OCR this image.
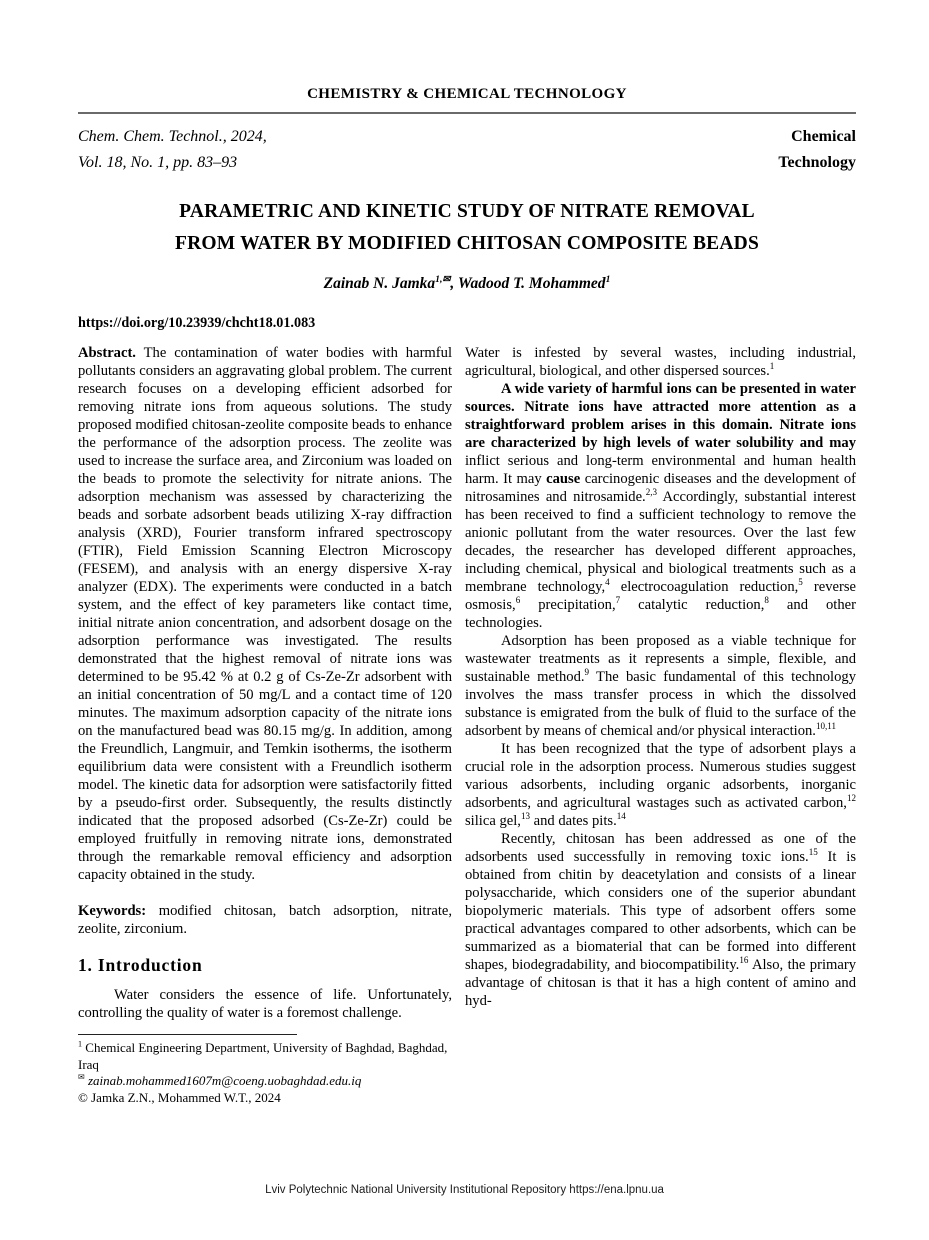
CHEMISTRY & CHEMICAL TECHNOLOGY
Chem. Chem. Technol., 2024,
Vol. 18, No. 1, pp. 83–93
Chemical
Technology
PARAMETRIC AND KINETIC STUDY OF NITRATE REMOVAL
FROM WATER BY MODIFIED CHITOSAN COMPOSITE BEADS
Zainab N. Jamka$^{1,✉}$, Wadood T. Mohammed$^1$
https://doi.org/10.23939/chcht18.01.083

Abstract. The contamination of water bodies with harmful pollutants considers an aggravating global problem. The current research focuses on a developing efficient adsorbed for removing nitrate ions from aqueous solutions. The study proposed modified chitosan-zeolite composite beads to enhance the performance of the adsorption process. The zeolite was used to increase the surface area, and Zirconium was loaded on the beads to promote the selectivity for nitrate anions. The adsorption mechanism was assessed by characterizing the beads and sorbate adsorbent beads utilizing X-ray diffraction analysis (XRD), Fourier transform infrared spectroscopy (FTIR), Field Emission Scanning Electron Microscopy (FESEM), and analysis with an energy dispersive X-ray analyzer (EDX). The experiments were conducted in a batch system, and the effect of key parameters like contact time, initial nitrate anion concentration, and adsorbent dosage on the adsorption performance was investigated. The results demonstrated that the highest removal of nitrate ions was determined to be 95.42 % at 0.2 g of Cs-Ze-Zr adsorbent with an initial concentration of 50 mg/L and a contact time of 120 minutes. The maximum adsorption capacity of the nitrate ions on the manufactured bead was 80.15 mg/g. In addition, among the Freundlich, Langmuir, and Temkin isotherms, the isotherm equilibrium data were consistent with a Freundlich isotherm model. The kinetic data for adsorption were satisfactorily fitted by a pseudo-first order. Subsequently, the results distinctly indicated that the proposed adsorbed (Cs-Ze-Zr) could be employed fruitfully in removing nitrate ions, demonstrated through the remarkable removal efficiency and adsorption capacity obtained in the study.

Keywords: modified chitosan, batch adsorption, nitrate, zeolite, zirconium.

1. Introduction

Water considers the essence of life. Unfortunately, controlling the quality of water is a foremost challenge.

$^1$ Chemical Engineering Department, University of Baghdad, Baghdad, Iraq
✉ zainab.mohammed1607m@coeng.uobaghdad.edu.iq
© Jamka Z.N., Mohammed W.T., 2024

Water is infested by several wastes, including industrial, agricultural, biological, and other dispersed sources.$^1$

A wide variety of harmful ions can be presented in water sources. Nitrate ions have attracted more attention as a straightforward problem arises in this domain. Nitrate ions are characterized by high levels of water solubility and may inflict serious and long-term environmental and human health harm. It may cause carcinogenic diseases and the development of nitrosamines and nitrosamide.$^{2,3}$ Accordingly, substantial interest has been received to find a sufficient technology to remove the anionic pollutant from the water resources. Over the last few decades, the researcher has developed different approaches, including chemical, physical and biological treatments such as a membrane technology,$^4$ electrocoagulation reduction,$^5$ reverse osmosis,$^6$ precipitation,$^7$ catalytic reduction,$^8$ and other technologies.

Adsorption has been proposed as a viable technique for wastewater treatments as it represents a simple, flexible, and sustainable method.$^9$ The basic fundamental of this technology involves the mass transfer process in which the dissolved substance is emigrated from the bulk of fluid to the surface of the adsorbent by means of chemical and/or physical interaction.$^{10,11}$

It has been recognized that the type of adsorbent plays a crucial role in the adsorption process. Numerous studies suggest various adsorbents, including organic adsorbents, inorganic adsorbents, and agricultural wastages such as activated carbon,$^{12}$ silica gel,$^{13}$ and dates pits.$^{14}$

Recently, chitosan has been addressed as one of the adsorbents used successfully in removing toxic ions.$^{15}$ It is obtained from chitin by deacetylation and consists of a linear polysaccharide, which considers one of the superior abundant biopolymeric materials. This type of adsorbent offers some practical advantages compared to other adsorbents, which can be summarized as a biomaterial that can be formed into different shapes, biodegradability, and biocompatibility.$^{16}$ Also, the primary advantage of chitosan is that it has a high content of amino and hyd-

Lviv Polytechnic National University Institutional Repository https://ena.lpnu.ua
